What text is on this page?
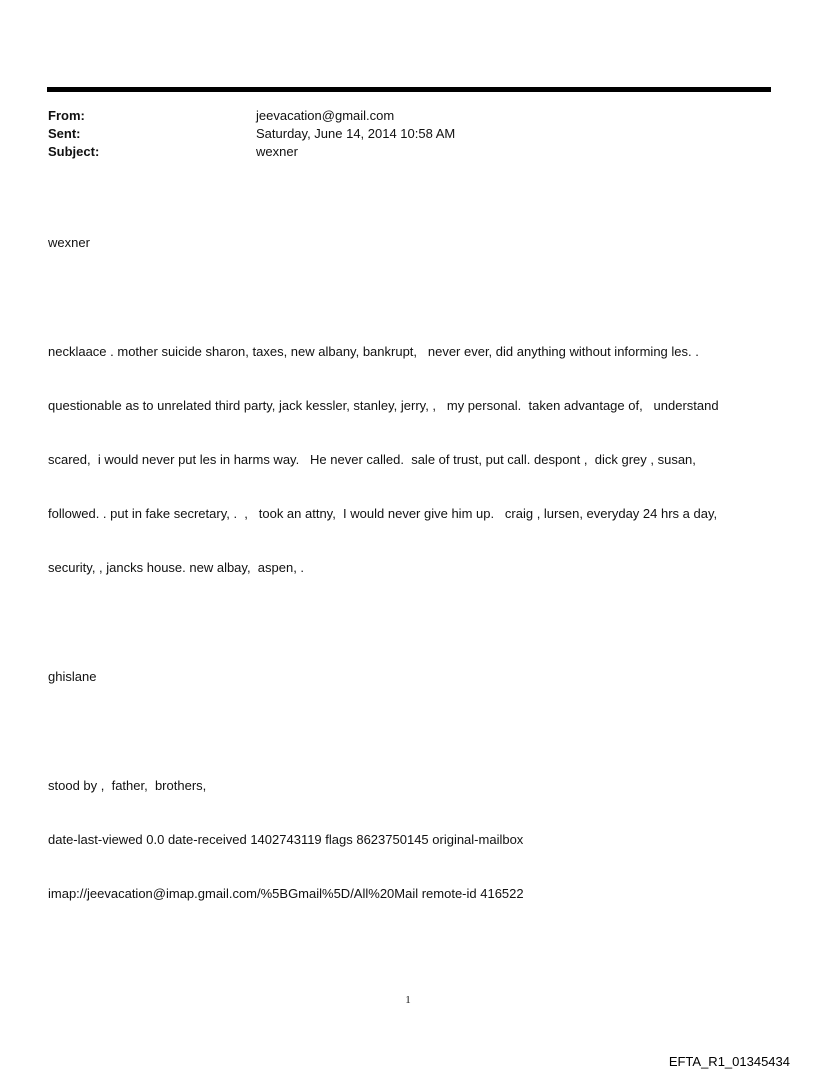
From:	jeevacation@gmail.com
Sent:	Saturday, June 14, 2014 10:58 AM
Subject:	wexner

wexner

necklaace . mother suicide sharon, taxes, new albany, bankrupt,   never ever, did anything without informing les. .

questionable as to unrelated third party, jack kessler, stanley, jerry, ,   my personal.  taken advantage of,   understand

scared,  i would never put les in harms way.   He never called.  sale of trust, put call. despont ,  dick grey , susan,

followed. . put in fake secretary, .  ,   took an attny,  I would never give him up.   craig , lursen, everyday 24 hrs a day,

security, , jancks house. new albay,  aspen, .

ghislane

stood by ,  father,  brothers,

date-last-viewed 0.0 date-received 1402743119 flags 8623750145 original-mailbox

imap://jeevacation@imap.gmail.com/%5BGmail%5D/All%20Mail remote-id 416522

1
EFTA_R1_01345434
